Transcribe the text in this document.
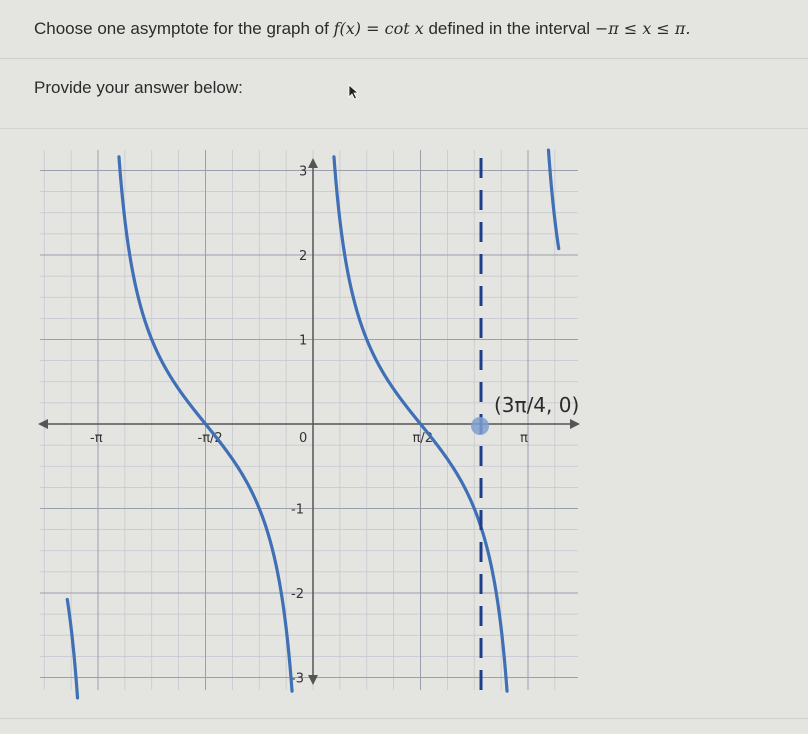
Choose one asymptote for the graph of f(x) = cot x defined in the interval −π ≤ x ≤ π.
Provide your answer below:
-π	-π/2	0	π/2	π
3
2
1
-1
-2
-3
(3π/4, 0)
